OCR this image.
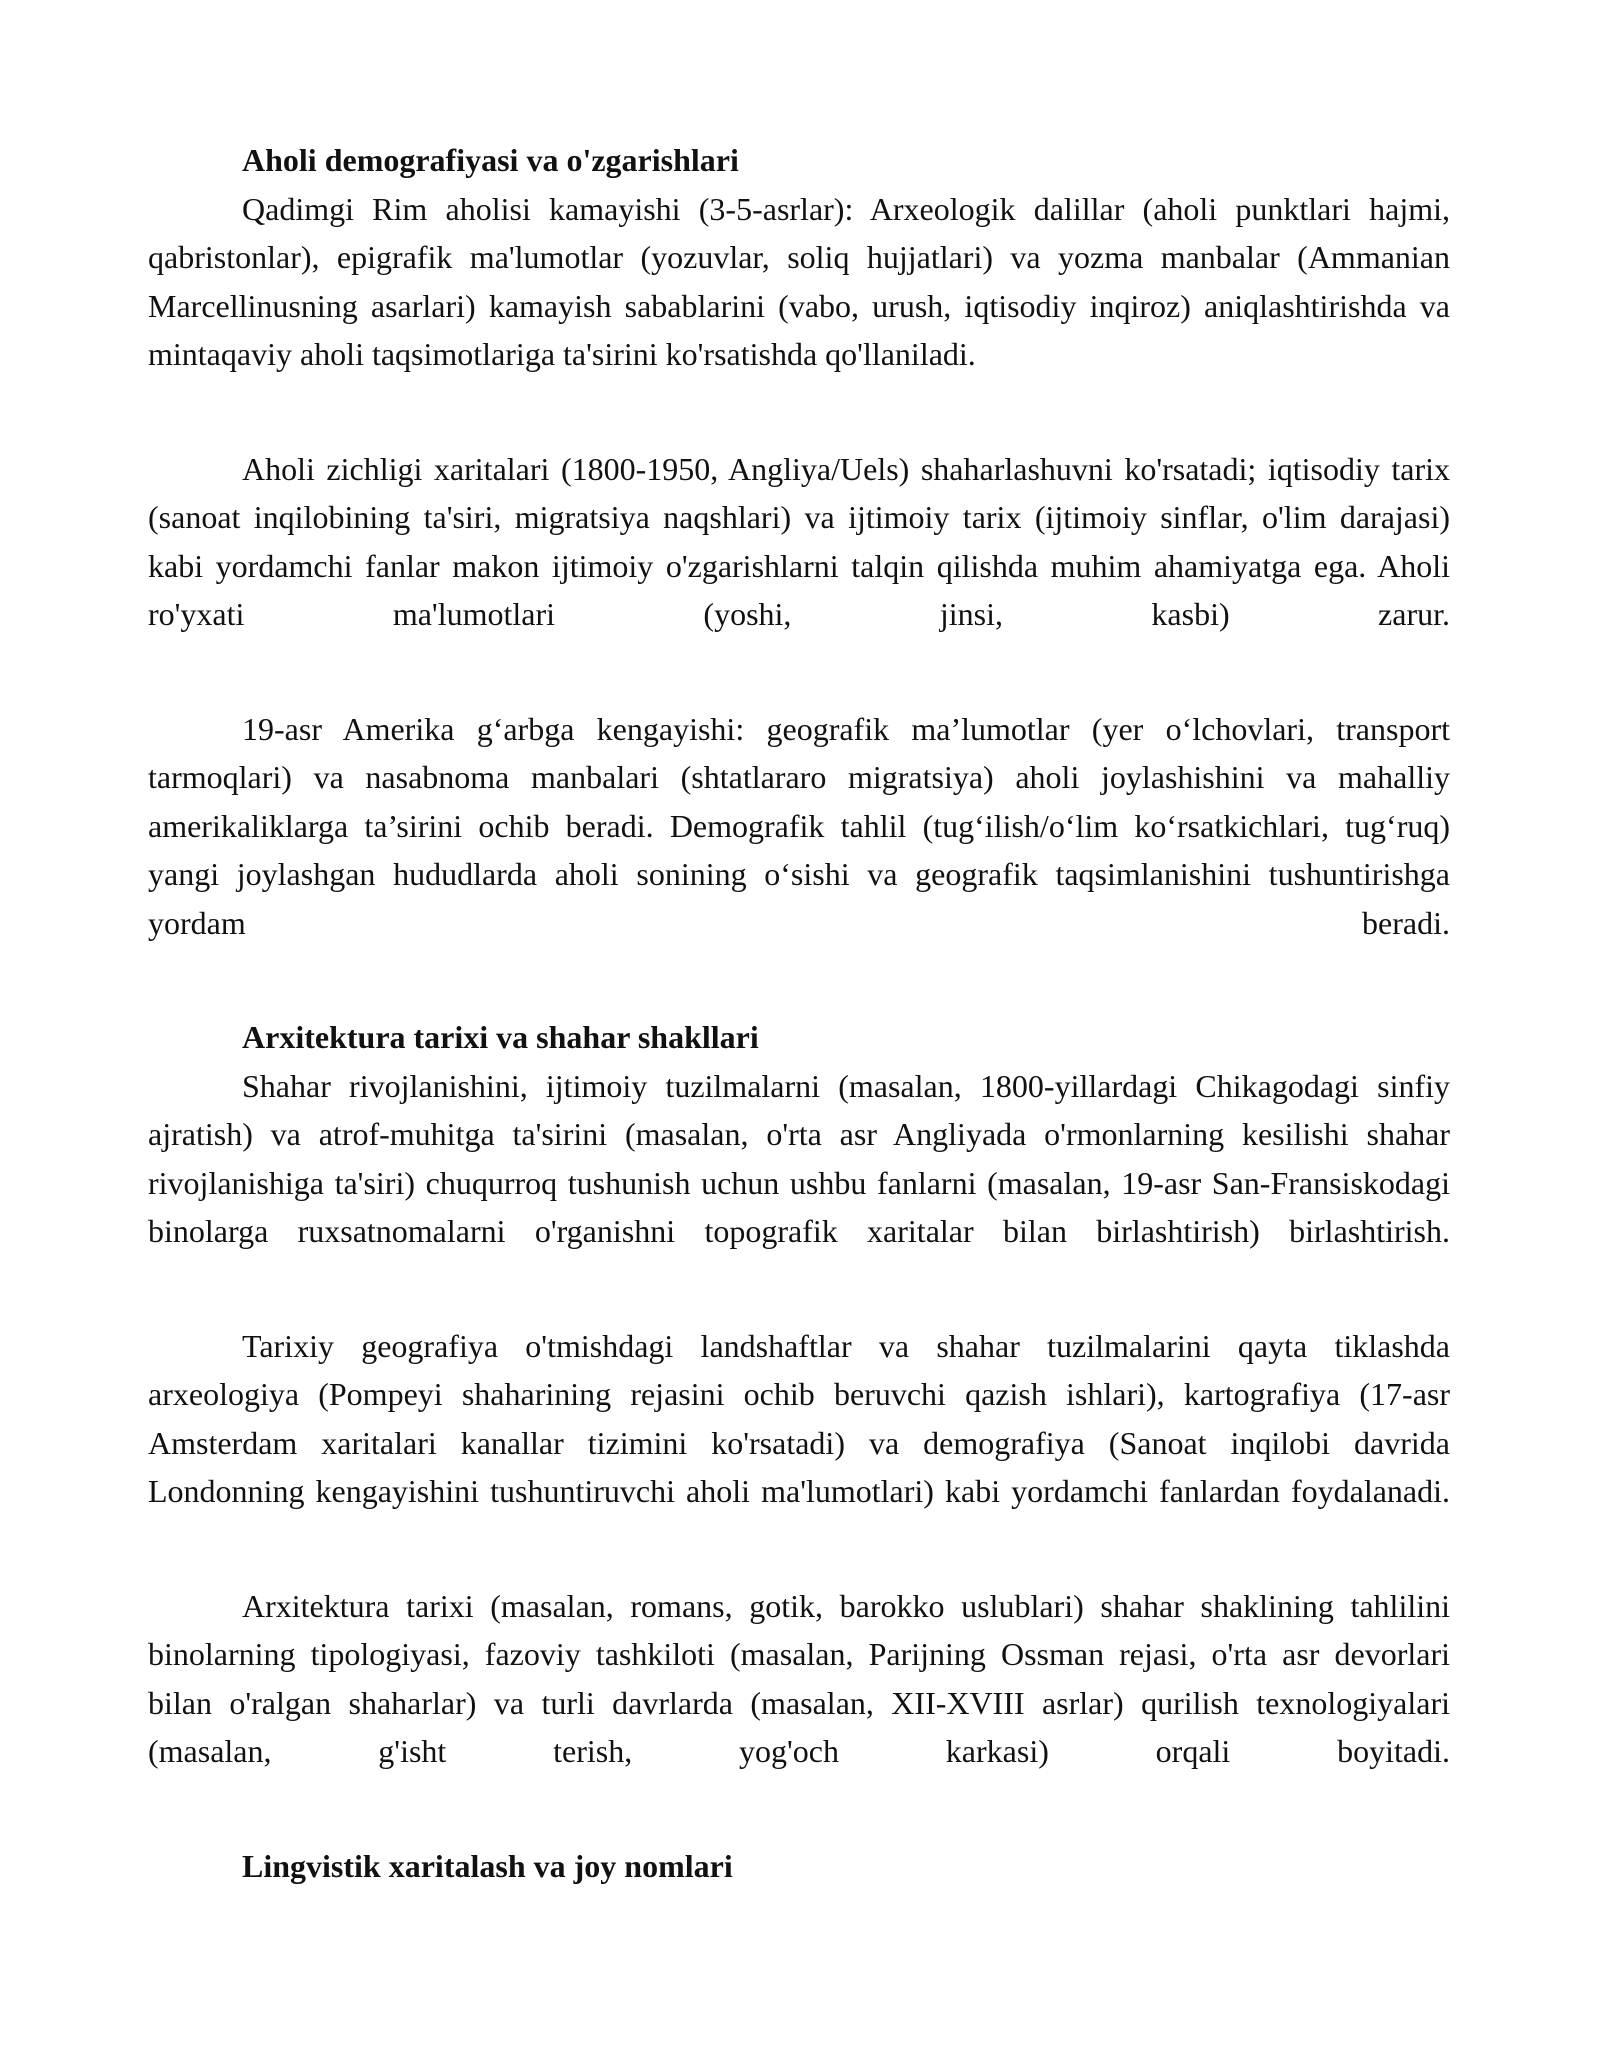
Aholi demografiyasi va o'zgarishlari

Qadimgi Rim aholisi kamayishi (3-5-asrlar): Arxeologik dalillar (aholi punktlari hajmi, qabristonlar), epigrafik ma'lumotlar (yozuvlar, soliq hujjatlari) va yozma manbalar (Ammanian Marcellinusning asarlari) kamayish sabablarini (vabo, urush, iqtisodiy inqiroz) aniqlashtirishda va mintaqaviy aholi taqsimotlariga ta'sirini ko'rsatishda qo'llaniladi.

Aholi zichligi xaritalari (1800-1950, Angliya/Uels) shaharlashuvni ko'rsatadi; iqtisodiy tarix (sanoat inqilobining ta'siri, migratsiya naqshlari) va ijtimoiy tarix (ijtimoiy sinflar, o'lim darajasi) kabi yordamchi fanlar makon ijtimoiy o'zgarishlarni talqin qilishda muhim ahamiyatga ega. Aholi ro'yxati ma'lumotlari (yoshi, jinsi, kasbi) zarur.

19-asr Amerika g‘arbga kengayishi: geografik ma’lumotlar (yer o‘lchovlari, transport tarmoqlari) va nasabnoma manbalari (shtatlararo migratsiya) aholi joylashishini va mahalliy amerikaliklarga ta’sirini ochib beradi. Demografik tahlil (tug‘ilish/o‘lim ko‘rsatkichlari, tug‘ruq) yangi joylashgan hududlarda aholi sonining o‘sishi va geografik taqsimlanishini tushuntirishga yordam beradi.

Arxitektura tarixi va shahar shakllari

Shahar rivojlanishini, ijtimoiy tuzilmalarni (masalan, 1800-yillardagi Chikagodagi sinfiy ajratish) va atrof-muhitga ta'sirini (masalan, o'rta asr Angliyada o'rmonlarning kesilishi shahar rivojlanishiga ta'siri) chuqurroq tushunish uchun ushbu fanlarni (masalan, 19-asr San-Fransiskodagi binolarga ruxsatnomalarni o'rganishni topografik xaritalar bilan birlashtirish) birlashtirish.

Tarixiy geografiya o'tmishdagi landshaftlar va shahar tuzilmalarini qayta tiklashda arxeologiya (Pompeyi shaharining rejasini ochib beruvchi qazish ishlari), kartografiya (17-asr Amsterdam xaritalari kanallar tizimini ko'rsatadi) va demografiya (Sanoat inqilobi davrida Londonning kengayishini tushuntiruvchi aholi ma'lumotlari) kabi yordamchi fanlardan foydalanadi.

Arxitektura tarixi (masalan, romans, gotik, barokko uslublari) shahar shaklining tahlilini binolarning tipologiyasi, fazoviy tashkiloti (masalan, Parijning Ossman rejasi, o'rta asr devorlari bilan o'ralgan shaharlar) va turli davrlarda (masalan, XII-XVIII asrlar) qurilish texnologiyalari (masalan, g'isht terish, yog'och karkasi) orqali boyitadi.

Lingvistik xaritalash va joy nomlari
